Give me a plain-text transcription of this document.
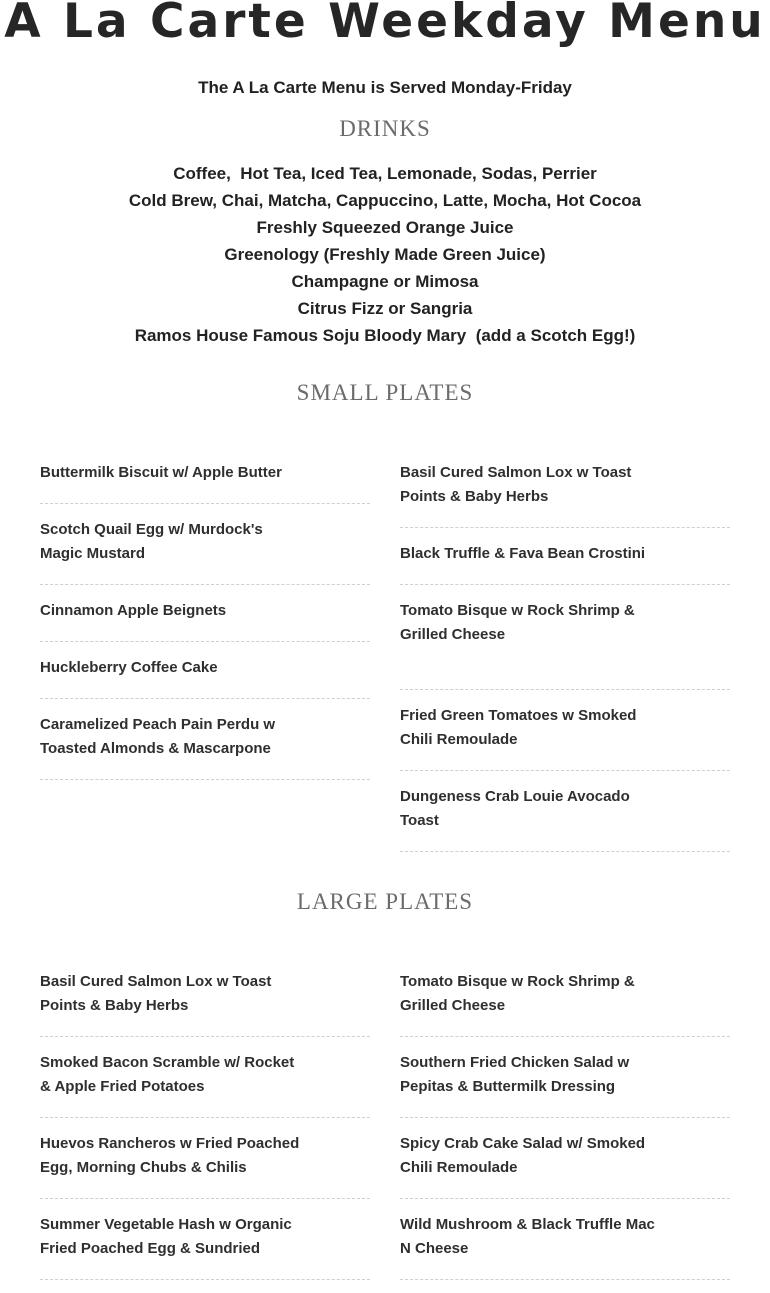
A La Carte Weekday Menu
The A La Carte Menu is Served Monday-Friday
DRINKS
Coffee,  Hot Tea, Iced Tea, Lemonade, Sodas, Perrier
Cold Brew, Chai, Matcha, Cappuccino, Latte, Mocha, Hot Cocoa
Freshly Squeezed Orange Juice
Greenology (Freshly Made Green Juice)
Champagne or Mimosa
Citrus Fizz or Sangria
Ramos House Famous Soju Bloody Mary  (add a Scotch Egg!)
SMALL PLATES
Buttermilk Biscuit w/ Apple Butter
Scotch Quail Egg w/ Murdock's Magic Mustard
Cinnamon Apple Beignets
Huckleberry Coffee Cake
Caramelized Peach Pain Perdu w Toasted Almonds & Mascarpone
Basil Cured Salmon Lox w Toast Points & Baby Herbs
Black Truffle & Fava Bean Crostini
Tomato Bisque w Rock Shrimp & Grilled Cheese
Fried Green Tomatoes w Smoked Chili Remoulade
Dungeness Crab Louie Avocado Toast
LARGE PLATES
Basil Cured Salmon Lox w Toast Points & Baby Herbs
Smoked Bacon Scramble w/ Rocket & Apple Fried Potatoes
Huevos Rancheros w Fried Poached Egg, Morning Chubs & Chilis
Summer Vegetable Hash w Organic Fried Poached Egg & Sundried
Tomato Bisque w Rock Shrimp & Grilled Cheese
Southern Fried Chicken Salad w Pepitas & Buttermilk Dressing
Spicy Crab Cake Salad w/ Smoked Chili Remoulade
Wild Mushroom & Black Truffle Mac N Cheese
